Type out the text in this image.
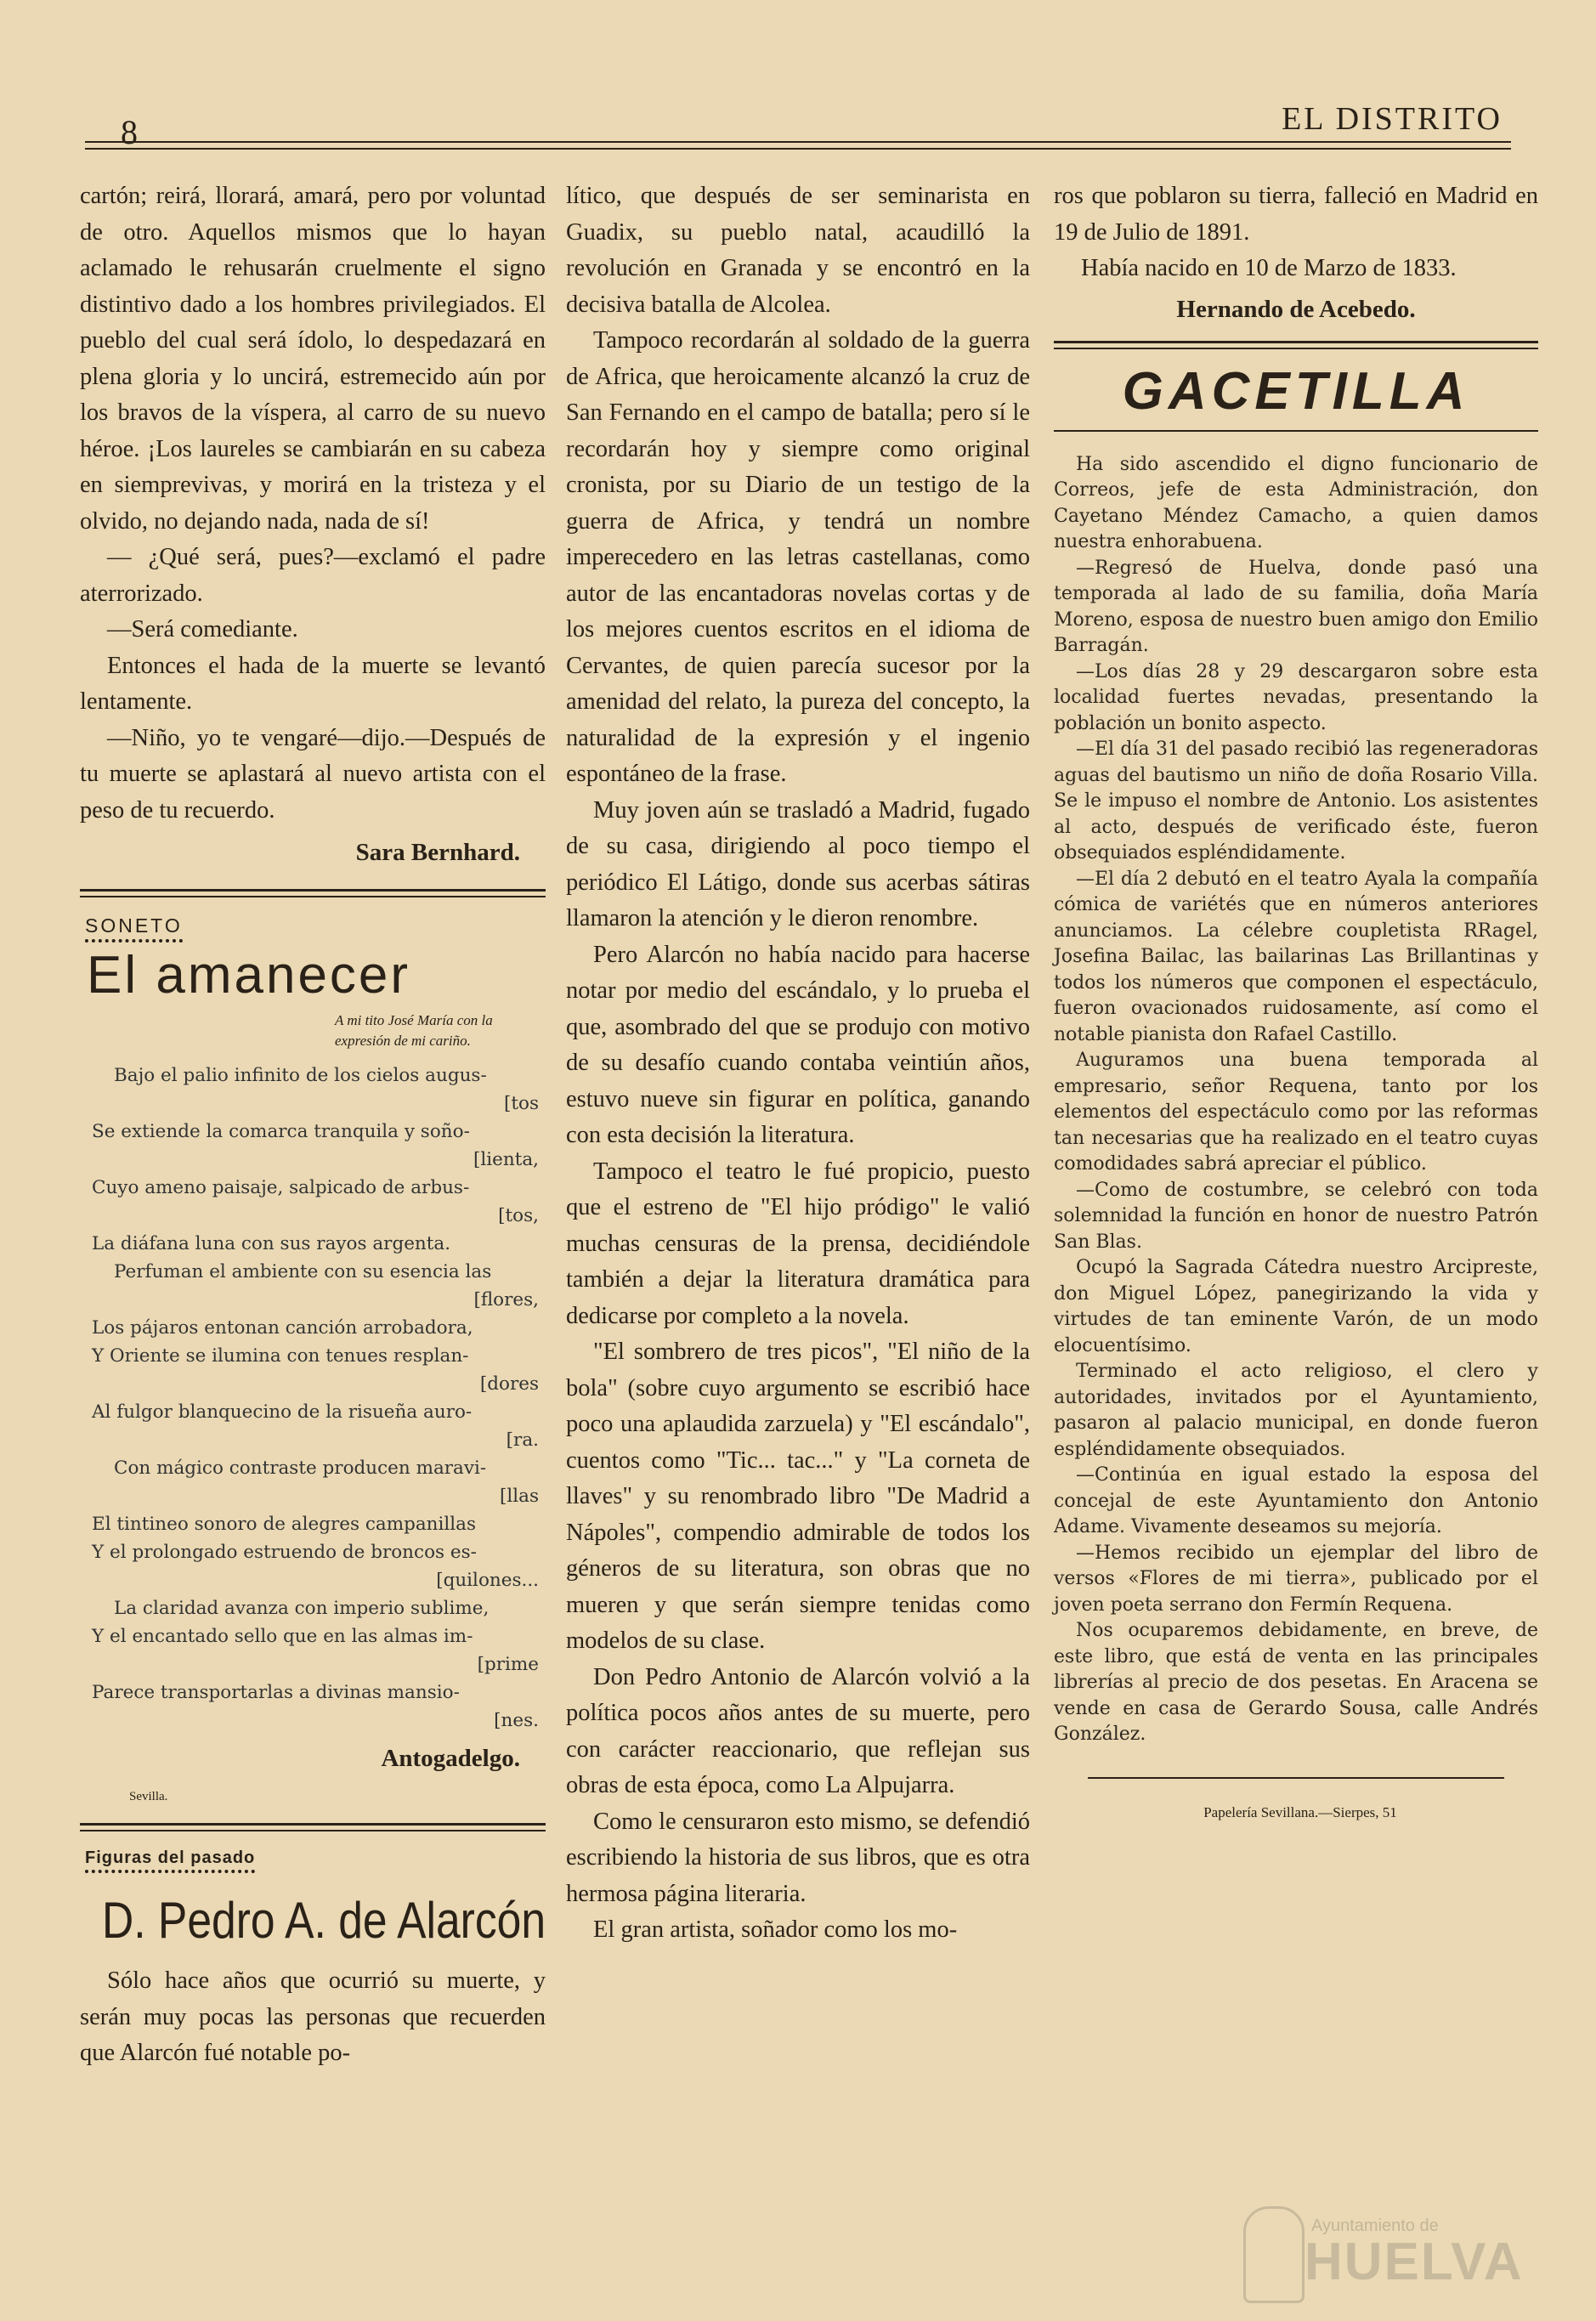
8	EL DISTRITO

cartón; reirá, llorará, amará, pero por voluntad de otro. Aquellos mismos que lo hayan aclamado le rehusarán cruelmente el signo distintivo dado a los hombres privilegiados. El pueblo del cual será ídolo, lo despedazará en plena gloria y lo uncirá, estremecido aún por los bravos de la víspera, al carro de su nuevo héroe. ¡Los laureles se cambiarán en su cabeza en siemprevivas, y morirá en la tristeza y el olvido, no dejando nada, nada de sí!

— ¿Qué será, pues?—exclamó el padre aterrorizado.

—Será comediante.

Entonces el hada de la muerte se levantó lentamente.

—Niño, yo te vengaré—dijo.—Después de tu muerte se aplastará al nuevo artista con el peso de tu recuerdo.

Sara Bernhard.
SONETO
El amanecer
A mi tito José María con la expresión de mi cariño.
Bajo el palio infinito de los cielos augus-
[tos
Se extiende la comarca tranquila y soño-
[lienta,
Cuyo ameno paisaje, salpicado de arbus-
[tos,
La diáfana luna con sus rayos argenta.
Perfuman el ambiente con su esencia las
[flores,
Los pájaros entonan canción arrobadora,
Y Oriente se ilumina con tenues resplan-
[dores
Al fulgor blanquecino de la risueña auro-
[ra.
Con mágico contraste producen maravi-
[llas
El tintineo sonoro de alegres campanillas
Y el prolongado estruendo de broncos es-
[quilones...
La claridad avanza con imperio sublime,
Y el encantado sello que en las almas im-
[prime
Parece transportarlas a divinas mansio-
[nes.
Antogadelgo.
Sevilla.
Figuras del pasado
D. Pedro A. de Alarcón

Sólo hace años que ocurrió su muerte, y serán muy pocas las personas que recuerden que Alarcón fué notable po-

lítico, que después de ser seminarista en Guadix, su pueblo natal, acaudilló la revolución en Granada y se encontró en la decisiva batalla de Alcolea.

Tampoco recordarán al soldado de la guerra de Africa, que heroicamente alcanzó la cruz de San Fernando en el campo de batalla; pero sí le recordarán hoy y siempre como original cronista, por su Diario de un testigo de la guerra de Africa, y tendrá un nombre imperecedero en las letras castellanas, como autor de las encantadoras novelas cortas y de los mejores cuentos escritos en el idioma de Cervantes, de quien parecía sucesor por la amenidad del relato, la pureza del concepto, la naturalidad de la expresión y el ingenio espontáneo de la frase.

Muy joven aún se trasladó a Madrid, fugado de su casa, dirigiendo al poco tiempo el periódico El Látigo, donde sus acerbas sátiras llamaron la atención y le dieron renombre.

Pero Alarcón no había nacido para hacerse notar por medio del escándalo, y lo prueba el que, asombrado del que se produjo con motivo de su desafío cuando contaba veintiún años, estuvo nueve sin figurar en política, ganando con esta decisión la literatura.

Tampoco el teatro le fué propicio, puesto que el estreno de "El hijo pródigo" le valió muchas censuras de la prensa, decidiéndole también a dejar la literatura dramática para dedicarse por completo a la novela.

"El sombrero de tres picos", "El niño de la bola" (sobre cuyo argumento se escribió hace poco una aplaudida zarzuela) y "El escándalo", cuentos como "Tic... tac..." y "La corneta de llaves" y su renombrado libro "De Madrid a Nápoles", compendio admirable de todos los géneros de su literatura, son obras que no mueren y que serán siempre tenidas como modelos de su clase.

Don Pedro Antonio de Alarcón volvió a la política pocos años antes de su muerte, pero con carácter reaccionario, que reflejan sus obras de esta época, como La Alpujarra.

Como le censuraron esto mismo, se defendió escribiendo la historia de sus libros, que es otra hermosa página literaria.

El gran artista, soñador como los mo-

ros que poblaron su tierra, falleció en Madrid en 19 de Julio de 1891.

Había nacido en 10 de Marzo de 1833.

Hernando de Acebedo.
GACETILLA

Ha sido ascendido el digno funcionario de Correos, jefe de esta Administración, don Cayetano Méndez Camacho, a quien damos nuestra enhorabuena.

—Regresó de Huelva, donde pasó una temporada al lado de su familia, doña María Moreno, esposa de nuestro buen amigo don Emilio Barragán.

—Los días 28 y 29 descargaron sobre esta localidad fuertes nevadas, presentando la población un bonito aspecto.

—El día 31 del pasado recibió las regeneradoras aguas del bautismo un niño de doña Rosario Villa. Se le impuso el nombre de Antonio. Los asistentes al acto, después de verificado éste, fueron obsequiados espléndidamente.

—El día 2 debutó en el teatro Ayala la compañía cómica de variétés que en números anteriores anunciamos. La célebre coupletista RRagel, Josefina Bailac, las bailarinas Las Brillantinas y todos los números que componen el espectáculo, fueron ovacionados ruidosamente, así como el notable pianista don Rafael Castillo.

Auguramos una buena temporada al empresario, señor Requena, tanto por los elementos del espectáculo como por las reformas tan necesarias que ha realizado en el teatro cuyas comodidades sabrá apreciar el público.

—Como de costumbre, se celebró con toda solemnidad la función en honor de nuestro Patrón San Blas.

Ocupó la Sagrada Cátedra nuestro Arcipreste, don Miguel López, panegirizando la vida y virtudes de tan eminente Varón, de un modo elocuentísimo.

Terminado el acto religioso, el clero y autoridades, invitados por el Ayuntamiento, pasaron al palacio municipal, en donde fueron espléndidamente obsequiados.

—Continúa en igual estado la esposa del concejal de este Ayuntamiento don Antonio Adame. Vivamente deseamos su mejoría.

—Hemos recibido un ejemplar del libro de versos «Flores de mi tierra», publicado por el joven poeta serrano don Fermín Requena.

Nos ocuparemos debidamente, en breve, de este libro, que está de venta en las principales librerías al precio de dos pesetas. En Aracena se vende en casa de Gerardo Sousa, calle Andrés González.

Papelería Sevillana.—Sierpes, 51
Ayuntamiento de
HUELVA
